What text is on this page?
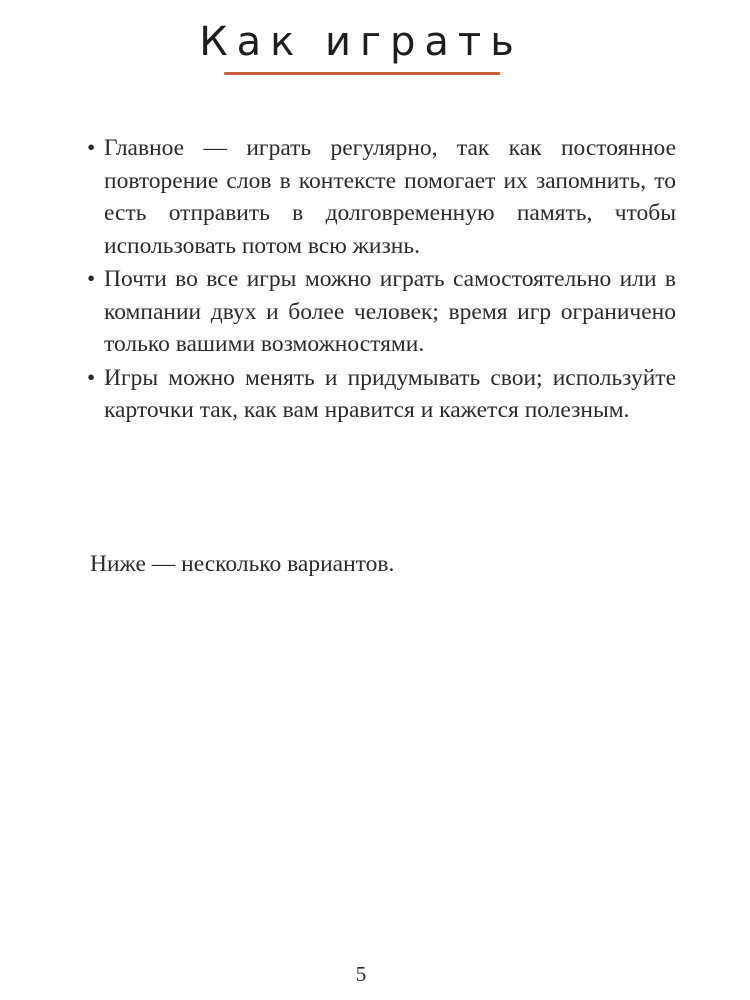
Как играть
• Главное — играть регулярно, так как постоянное повторение слов в контексте помогает их запомнить, то есть отправить в долговременную память, чтобы использовать потом всю жизнь.
• Почти во все игры можно играть самостоятельно или в компании двух и более человек; время игр ограничено только вашими возможностями.
• Игры можно менять и придумывать свои; используйте карточки так, как вам нравится и кажется полезным.

Ниже — несколько вариантов.

5
